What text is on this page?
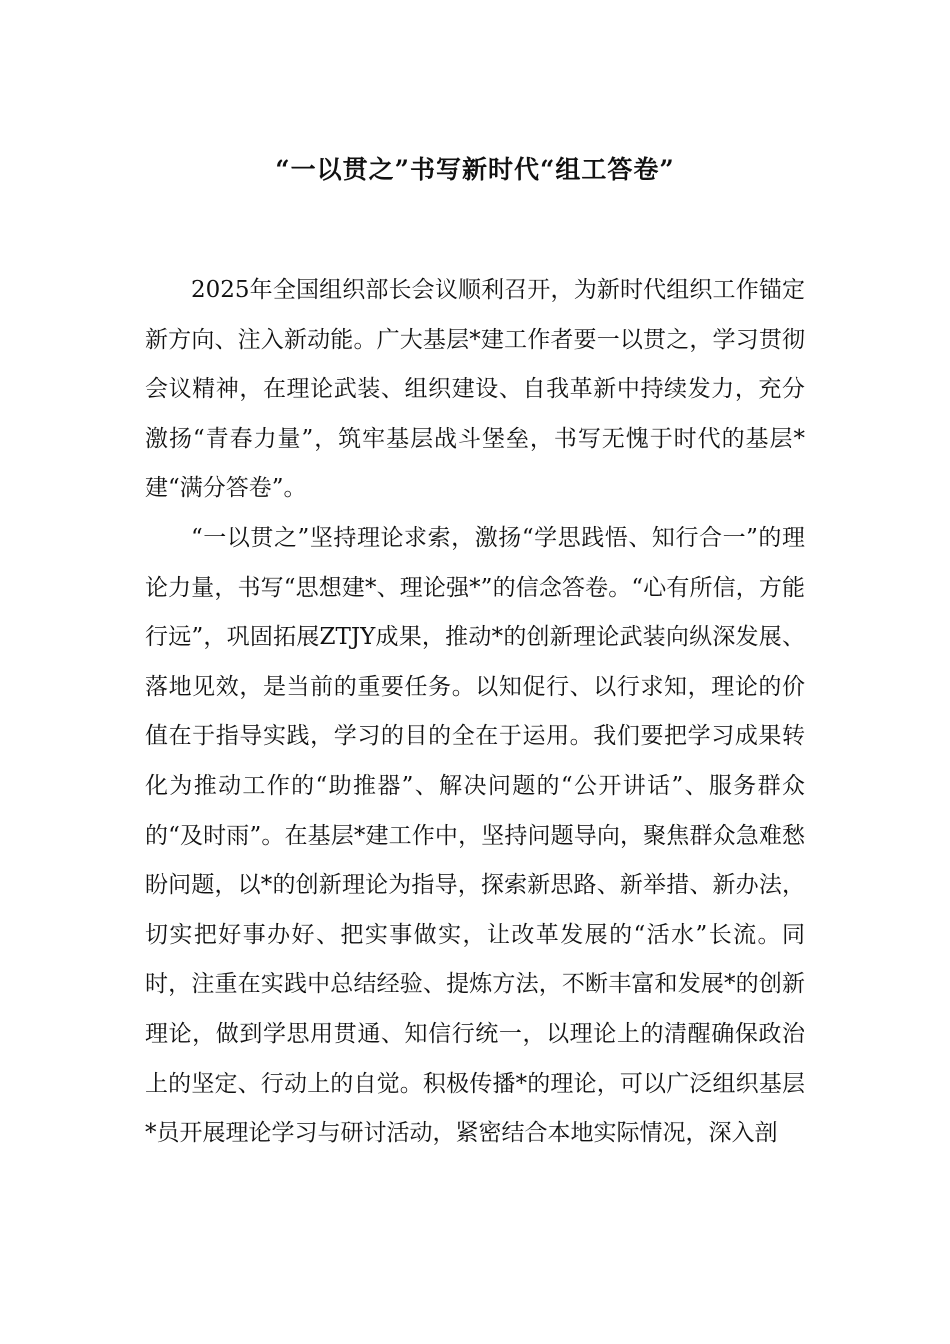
“一以贯之”书写新时代“组工答卷”

2025年全国组织部长会议顺利召开，为新时代组织工作锚定新方向、注入新动能。广大基层*建工作者要一以贯之，学习贯彻会议精神，在理论武装、组织建设、自我革新中持续发力，充分激扬“青春力量”，筑牢基层战斗堡垒，书写无愧于时代的基层*建“满分答卷”。

“一以贯之”坚持理论求索，激扬“学思践悟、知行合一”的理论力量，书写“思想建*、理论强*”的信念答卷。“心有所信，方能行远”，巩固拓展ZTJY成果，推动*的创新理论武装向纵深发展、落地见效，是当前的重要任务。以知促行、以行求知，理论的价值在于指导实践，学习的目的全在于运用。我们要把学习成果转化为推动工作的“助推器”、解决问题的“公开讲话”、服务群众的“及时雨”。在基层*建工作中，坚持问题导向，聚焦群众急难愁盼问题，以*的创新理论为指导，探索新思路、新举措、新办法，切实把好事办好、把实事做实，让改革发展的“活水”长流。同时，注重在实践中总结经验、提炼方法，不断丰富和发展*的创新理论，做到学思用贯通、知信行统一，以理论上的清醒确保政治上的坚定、行动上的自觉。积极传播*的理论，可以广泛组织基层*员开展理论学习与研讨活动，紧密结合本地实际情况，深入剖
